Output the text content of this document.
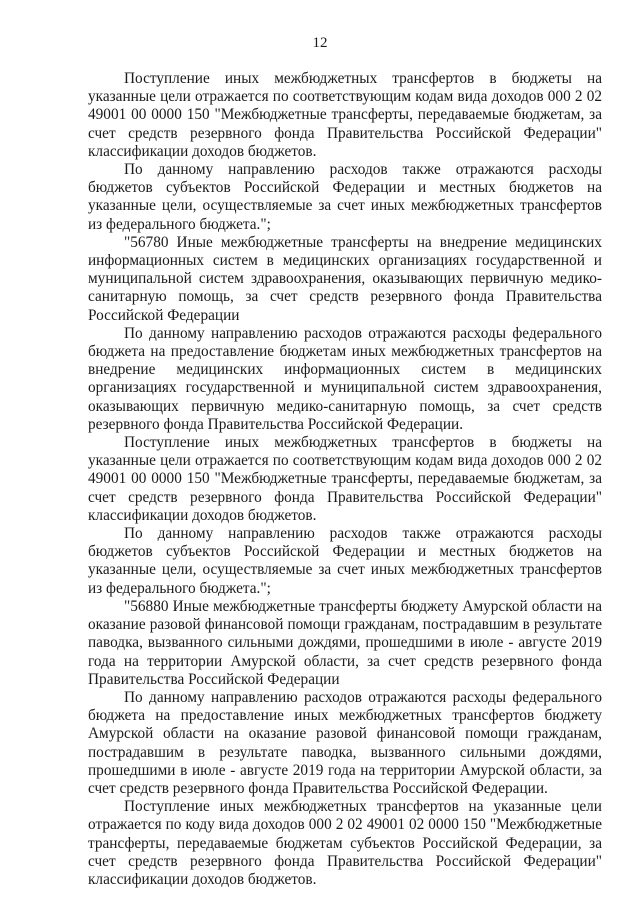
12

Поступление иных межбюджетных трансфертов в бюджеты на указанные цели отражается по соответствующим кодам вида доходов 000 2 02 49001 00 0000 150 "Межбюджетные трансферты, передаваемые бюджетам, за счет средств резервного фонда Правительства Российской Федерации" классификации доходов бюджетов.

По данному направлению расходов также отражаются расходы бюджетов субъектов Российской Федерации и местных бюджетов на указанные цели, осуществляемые за счет иных межбюджетных трансфертов из федерального бюджета.";

"56780 Иные межбюджетные трансферты на внедрение медицинских информационных систем в медицинских организациях государственной и муниципальной систем здравоохранения, оказывающих первичную медико-санитарную помощь, за счет средств резервного фонда Правительства Российской Федерации

По данному направлению расходов отражаются расходы федерального бюджета на предоставление бюджетам иных межбюджетных трансфертов на внедрение медицинских информационных систем в медицинских организациях государственной и муниципальной систем здравоохранения, оказывающих первичную медико-санитарную помощь, за счет средств резервного фонда Правительства Российской Федерации.

Поступление иных межбюджетных трансфертов в бюджеты на указанные цели отражается по соответствующим кодам вида доходов 000 2 02 49001 00 0000 150 "Межбюджетные трансферты, передаваемые бюджетам, за счет средств резервного фонда Правительства Российской Федерации" классификации доходов бюджетов.

По данному направлению расходов также отражаются расходы бюджетов субъектов Российской Федерации и местных бюджетов на указанные цели, осуществляемые за счет иных межбюджетных трансфертов из федерального бюджета.";

"56880 Иные межбюджетные трансферты бюджету Амурской области на оказание разовой финансовой помощи гражданам, пострадавшим в результате паводка, вызванного сильными дождями, прошедшими в июле - августе 2019 года на территории Амурской области, за счет средств резервного фонда Правительства Российской Федерации

По данному направлению расходов отражаются расходы федерального бюджета на предоставление иных межбюджетных трансфертов бюджету Амурской области на оказание разовой финансовой помощи гражданам, пострадавшим в результате паводка, вызванного сильными дождями, прошедшими в июле - августе 2019 года на территории Амурской области, за счет средств резервного фонда Правительства Российской Федерации.

Поступление иных межбюджетных трансфертов на указанные цели отражается по коду вида доходов 000 2 02 49001 02 0000 150 "Межбюджетные трансферты, передаваемые бюджетам субъектов Российской Федерации, за счет средств резервного фонда Правительства Российской Федерации" классификации доходов бюджетов.
